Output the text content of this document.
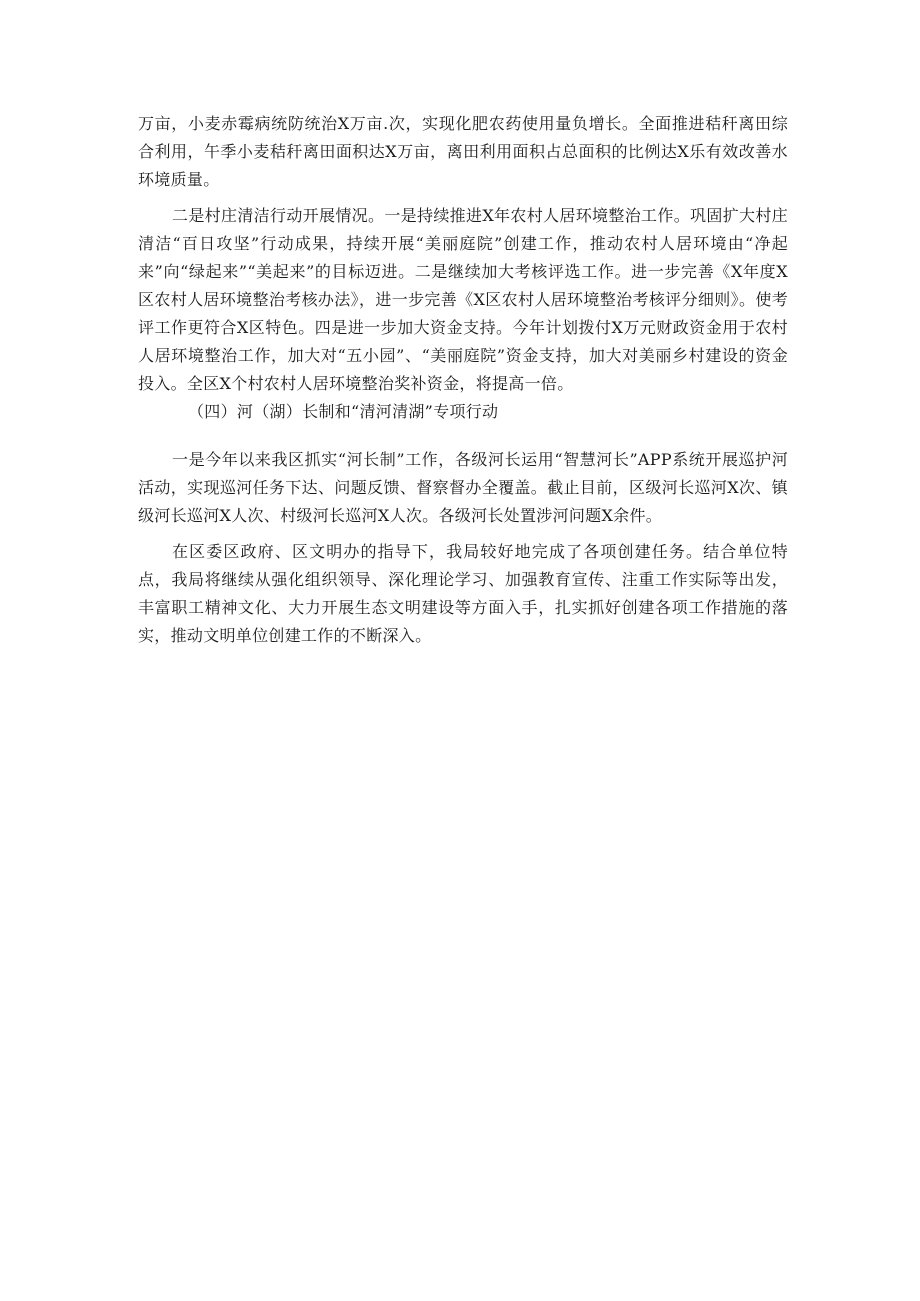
万亩，小麦赤霉病统防统治X万亩.次，实现化肥农药使用量负增长。全面推进秸秆离田综合利用，午季小麦秸秆离田面积达X万亩，离田利用面积占总面积的比例达X乐有效改善水环境质量。

二是村庄清洁行动开展情况。一是持续推进X年农村人居环境整治工作。巩固扩大村庄清洁“百日攻坚”行动成果，持续开展“美丽庭院”创建工作，推动农村人居环境由“净起来”向“绿起来”“美起来”的目标迈进。二是继续加大考核评选工作。进一步完善《X年度X区农村人居环境整治考核办法》，进一步完善《X区农村人居环境整治考核评分细则》。使考评工作更符合X区特色。四是进一步加大资金支持。今年计划拨付X万元财政资金用于农村人居环境整治工作，加大对“五小园”、“美丽庭院”资金支持，加大对美丽乡村建设的资金投入。全区X个村农村人居环境整治奖补资金，将提高一倍。

（四）河（湖）长制和“清河清湖”专项行动

一是今年以来我区抓实“河长制”工作，各级河长运用“智慧河长”APP系统开展巡护河活动，实现巡河任务下达、问题反馈、督察督办全覆盖。截止目前，区级河长巡河X次、镇级河长巡河X人次、村级河长巡河X人次。各级河长处置涉河问题X余件。

在区委区政府、区文明办的指导下，我局较好地完成了各项创建任务。结合单位特点，我局将继续从强化组织领导、深化理论学习、加强教育宣传、注重工作实际等出发，丰富职工精神文化、大力开展生态文明建设等方面入手，扎实抓好创建各项工作措施的落实，推动文明单位创建工作的不断深入。
